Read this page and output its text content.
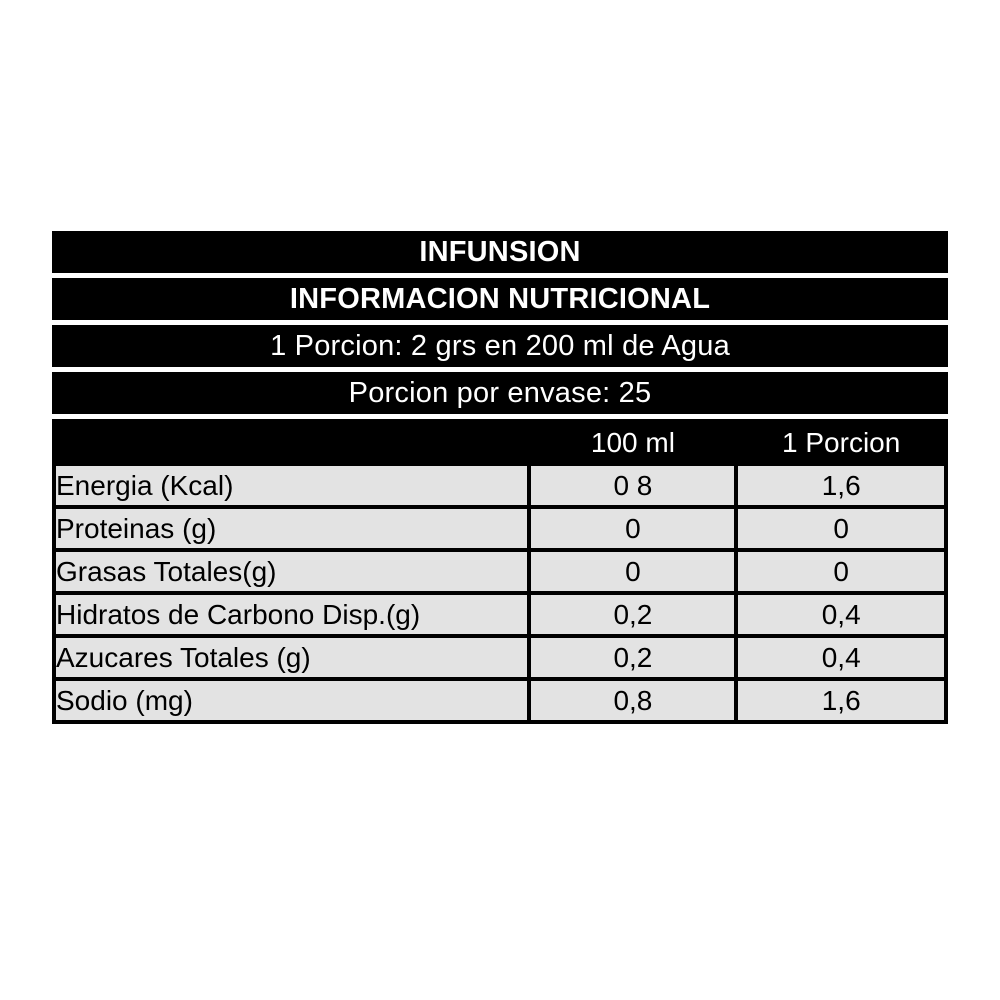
INFUNSION
INFORMACION NUTRICIONAL
1 Porcion: 2 grs en 200 ml de Agua
Porcion por envase: 25
	100 ml	1 Porcion
Energia (Kcal)	0 8	1,6
Proteinas (g)	0	0
Grasas Totales(g)	0	0
Hidratos de Carbono Disp.(g)	0,2	0,4
Azucares Totales (g)	0,2	0,4
Sodio (mg)	0,8	1,6
